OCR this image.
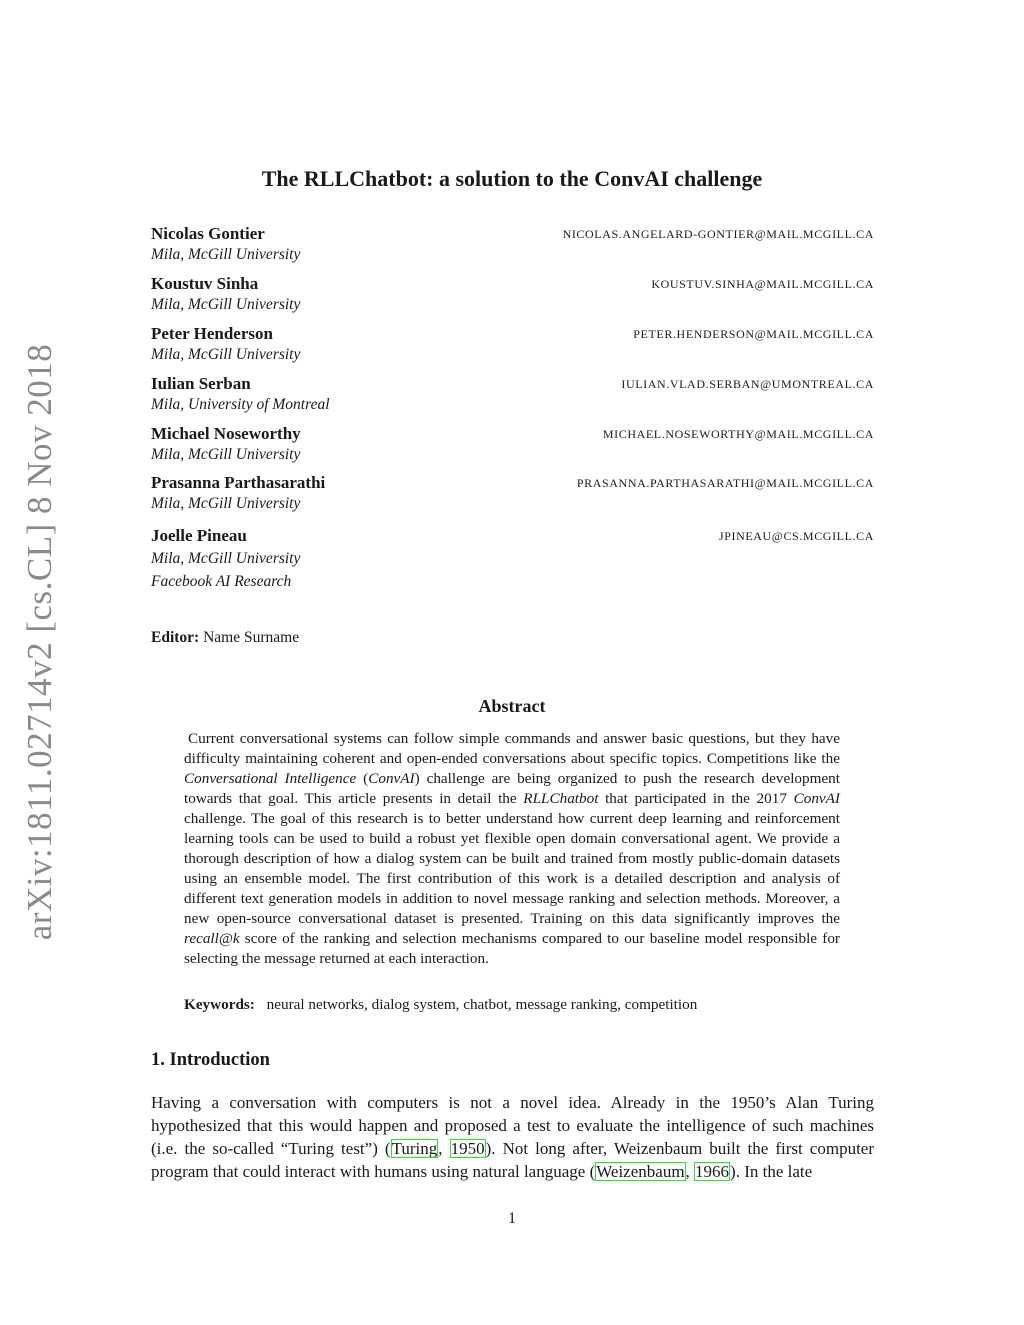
arXiv:1811.02714v2 [cs.CL] 8 Nov 2018
The RLLChatbot: a solution to the ConvAI challenge
Nicolas Gontier
Mila, McGill University
NICOLAS.ANGELARD-GONTIER@MAIL.MCGILL.CA
Koustuv Sinha
Mila, McGill University
KOUSTUV.SINHA@MAIL.MCGILL.CA
Peter Henderson
Mila, McGill University
PETER.HENDERSON@MAIL.MCGILL.CA
Iulian Serban
Mila, University of Montreal
IULIAN.VLAD.SERBAN@UMONTREAL.CA
Michael Noseworthy
Mila, McGill University
MICHAEL.NOSEWORTHY@MAIL.MCGILL.CA
Prasanna Parthasarathi
Mila, McGill University
PRASANNA.PARTHASARATHI@MAIL.MCGILL.CA
Joelle Pineau
Mila, McGill University
Facebook AI Research
JPINEAU@CS.MCGILL.CA
Editor: Name Surname
Abstract

Current conversational systems can follow simple commands and answer basic questions, but they have difficulty maintaining coherent and open-ended conversations about specific topics. Competitions like the Conversational Intelligence (ConvAI) challenge are being organized to push the research development towards that goal. This article presents in detail the RLLChatbot that participated in the 2017 ConvAI challenge. The goal of this research is to better understand how current deep learning and reinforcement learning tools can be used to build a robust yet flexible open domain conversational agent. We provide a thorough description of how a dialog system can be built and trained from mostly public-domain datasets using an ensemble model. The first contribution of this work is a detailed description and analysis of different text generation models in addition to novel message ranking and selection methods. Moreover, a new open-source conversational dataset is presented. Training on this data significantly improves the recall@k score of the ranking and selection mechanisms compared to our baseline model responsible for selecting the message returned at each interaction.

Keywords: neural networks, dialog system, chatbot, message ranking, competition
1. Introduction

Having a conversation with computers is not a novel idea. Already in the 1950’s Alan Turing hypothesized that this would happen and proposed a test to evaluate the intelligence of such machines (i.e. the so-called “Turing test”) (Turing, 1950). Not long after, Weizenbaum built the first computer program that could interact with humans using natural language (Weizenbaum, 1966). In the late

1
